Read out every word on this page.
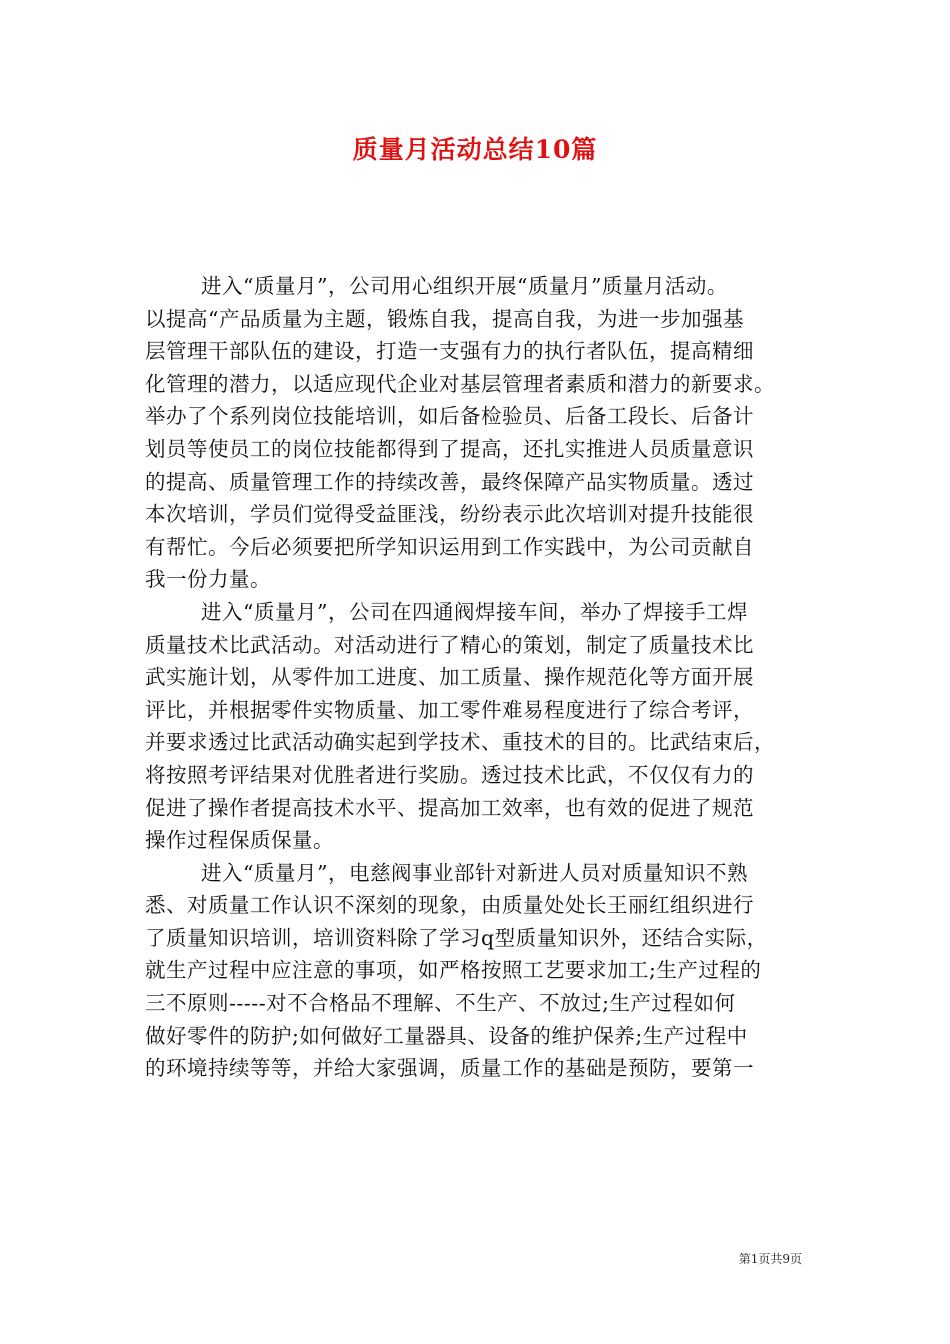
质量月活动总结10篇
进入“质量月”，公司用心组织开展“质量月”质量月活动。
以提高“产品质量为主题，锻炼自我，提高自我，为进一步加强基
层管理干部队伍的建设，打造一支强有力的执行者队伍，提高精细
化管理的潜力，以适应现代企业对基层管理者素质和潜力的新要求。
举办了个系列岗位技能培训，如后备检验员、后备工段长、后备计
划员等使员工的岗位技能都得到了提高，还扎实推进人员质量意识
的提高、质量管理工作的持续改善，最终保障产品实物质量。透过
本次培训，学员们觉得受益匪浅，纷纷表示此次培训对提升技能很
有帮忙。今后必须要把所学知识运用到工作实践中，为公司贡献自
我一份力量。
进入“质量月”，公司在四通阀焊接车间，举办了焊接手工焊
质量技术比武活动。对活动进行了精心的策划，制定了质量技术比
武实施计划，从零件加工进度、加工质量、操作规范化等方面开展
评比，并根据零件实物质量、加工零件难易程度进行了综合考评，
并要求透过比武活动确实起到学技术、重技术的目的。比武结束后，
将按照考评结果对优胜者进行奖励。透过技术比武，不仅仅有力的
促进了操作者提高技术水平、提高加工效率，也有效的促进了规范
操作过程保质保量。
进入“质量月”，电慈阀事业部针对新进人员对质量知识不熟
悉、对质量工作认识不深刻的现象，由质量处处长王丽红组织进行
了质量知识培训，培训资料除了学习q型质量知识外，还结合实际，
就生产过程中应注意的事项，如严格按照工艺要求加工;生产过程的
三不原则-----对不合格品不理解、不生产、不放过;生产过程如何
做好零件的防护;如何做好工量器具、设备的维护保养;生产过程中
的环境持续等等，并给大家强调，质量工作的基础是预防，要第一
第1页共9页
